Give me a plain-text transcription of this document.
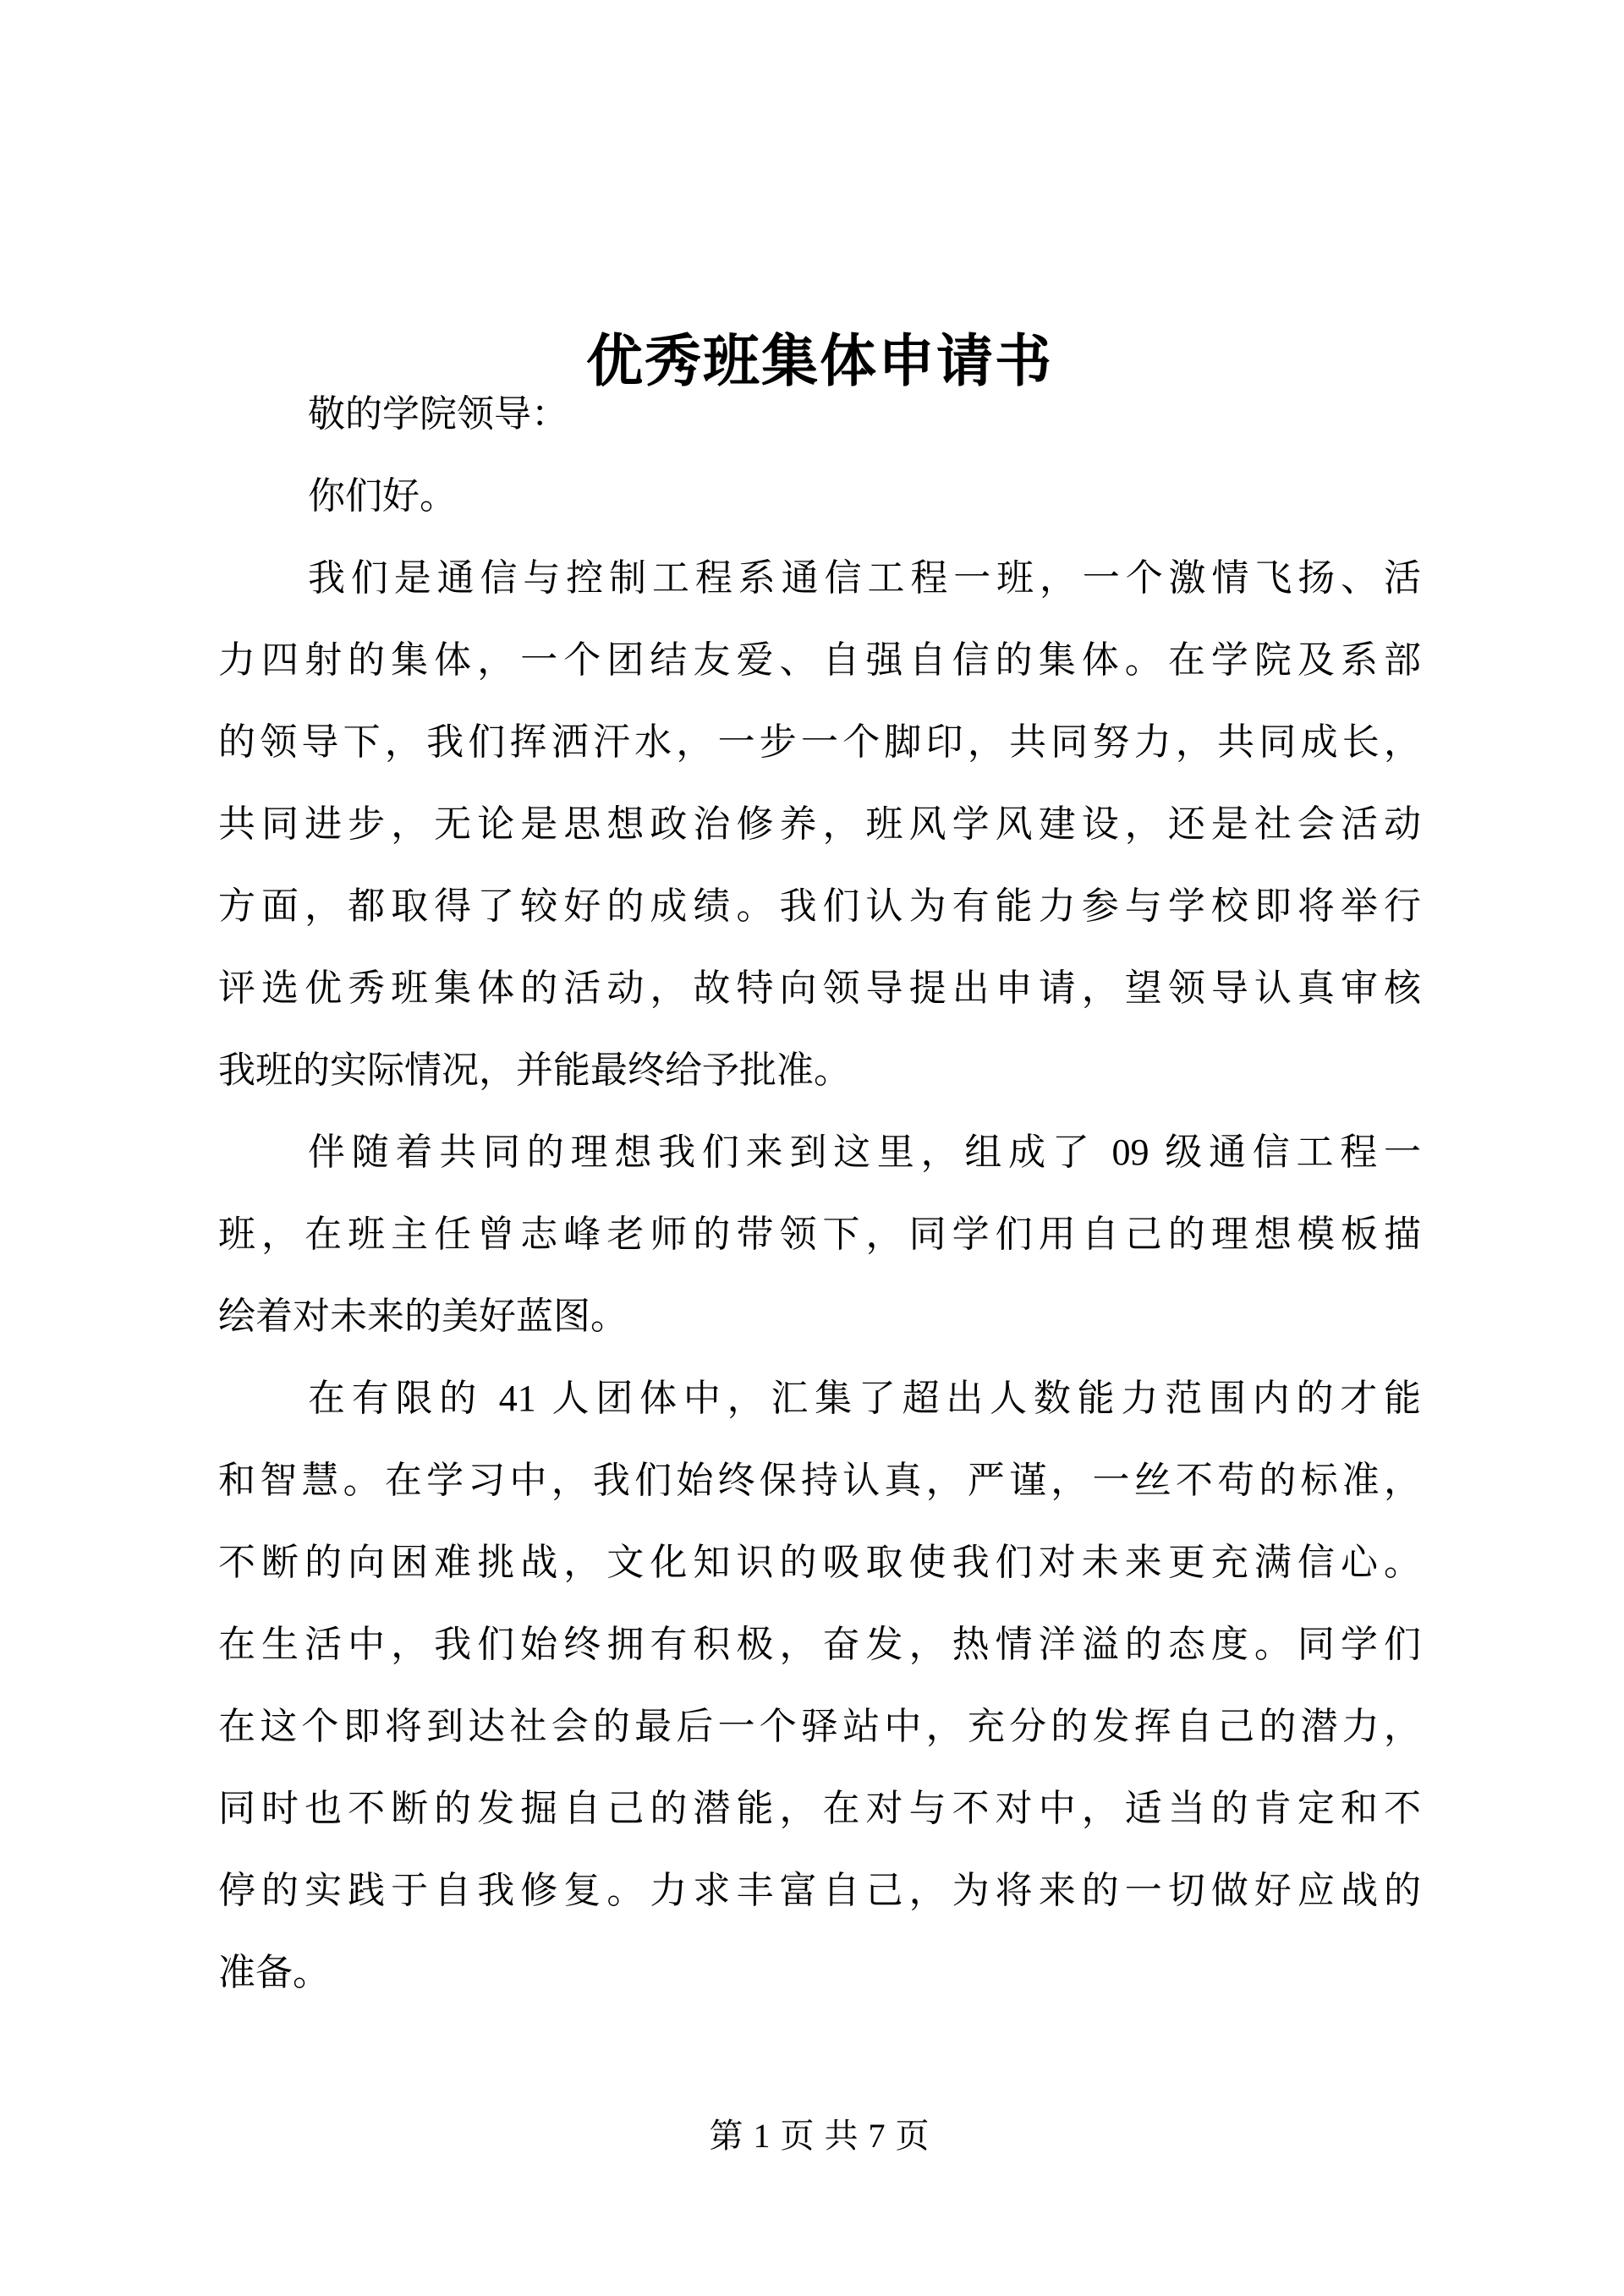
优秀班集体申请书
敬的学院领导：
你们好。
我们是通信与控制工程系通信工程一班，一个激情飞扬、活
力四射的集体，一个团结友爱、自强自信的集体。在学院及系部
的领导下，我们挥洒汗水，一步一个脚印，共同努力，共同成长，
共同进步，无论是思想政治修养，班风学风建设，还是社会活动
方面，都取得了较好的成绩。我们认为有能力参与学校即将举行
评选优秀班集体的活动，故特向领导提出申请，望领导认真审核
我班的实际情况，并能最终给予批准。
伴随着共同的理想我们来到这里，组成了 09 级通信工程一
班，在班主任曾志峰老师的带领下，同学们用自己的理想模板描
绘着对未来的美好蓝图。
在有限的 41 人团体中，汇集了超出人数能力范围内的才能
和智慧。在学习中，我们始终保持认真，严谨，一丝不苟的标准，
不断的向困难挑战，文化知识的吸取使我们对未来更充满信心。
在生活中，我们始终拥有积极，奋发，热情洋溢的态度。同学们
在这个即将到达社会的最后一个驿站中，充分的发挥自己的潜力，
同时也不断的发掘自己的潜能，在对与不对中，适当的肯定和不
停的实践于自我修复。力求丰富自己，为将来的一切做好应战的
准备。
第 1 页 共 7 页
